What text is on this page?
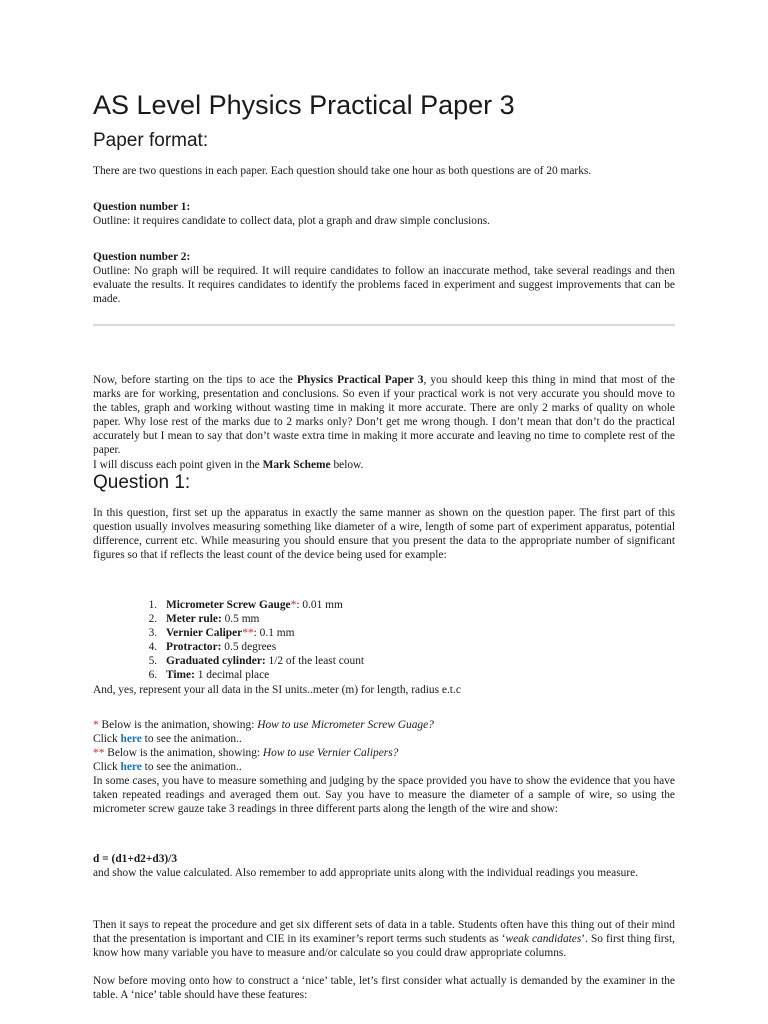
AS Level Physics Practical Paper 3
Paper format:
There are two questions in each paper. Each question should take one hour as both questions are of 20 marks.
Question number 1:
Outline: it requires candidate to collect data, plot a graph and draw simple conclusions.
Question number 2:
Outline: No graph will be required. It will require candidates to follow an inaccurate method, take several readings and then evaluate the results. It requires candidates to identify the problems faced in experiment and suggest improvements that can be made.
Now, before starting on the tips to ace the Physics Practical Paper 3, you should keep this thing in mind that most of the marks are for working, presentation and conclusions. So even if your practical work is not very accurate you should move to the tables, graph and working without wasting time in making it more accurate. There are only 2 marks of quality on whole paper. Why lose rest of the marks due to 2 marks only? Don’t get me wrong though. I don’t mean that don’t do the practical accurately but I mean to say that don’t waste extra time in making it more accurate and leaving no time to complete rest of the paper.
I will discuss each point given in the Mark Scheme below.
Question 1:
In this question, first set up the apparatus in exactly the same manner as shown on the question paper. The first part of this question usually involves measuring something like diameter of a wire, length of some part of experiment apparatus, potential difference, current etc. While measuring you should ensure that you present the data to the appropriate number of significant figures so that if reflects the least count of the device being used for example:
1. Micrometer Screw Gauge*: 0.01 mm
2. Meter rule: 0.5 mm
3. Vernier Caliper**: 0.1 mm
4. Protractor: 0.5 degrees
5. Graduated cylinder: 1/2 of the least count
6. Time: 1 decimal place
And, yes, represent your all data in the SI units..meter (m) for length, radius e.t.c
* Below is the animation, showing: How to use Micrometer Screw Guage?
Click here to see the animation..
** Below is the animation, showing: How to use Vernier Calipers?
Click here to see the animation..
In some cases, you have to measure something and judging by the space provided you have to show the evidence that you have taken repeated readings and averaged them out. Say you have to measure the diameter of a sample of wire, so using the micrometer screw gauze take 3 readings in three different parts along the length of the wire and show:
d = (d1+d2+d3)/3
and show the value calculated. Also remember to add appropriate units along with the individual readings you measure.
Then it says to repeat the procedure and get six different sets of data in a table. Students often have this thing out of their mind that the presentation is important and CIE in its examiner’s report terms such students as ‘weak candidates’. So first thing first, know how many variable you have to measure and/or calculate so you could draw appropriate columns.
Now before moving onto how to construct a ‘nice’ table, let’s first consider what actually is demanded by the examiner in the table. A ‘nice’ table should have these features:
